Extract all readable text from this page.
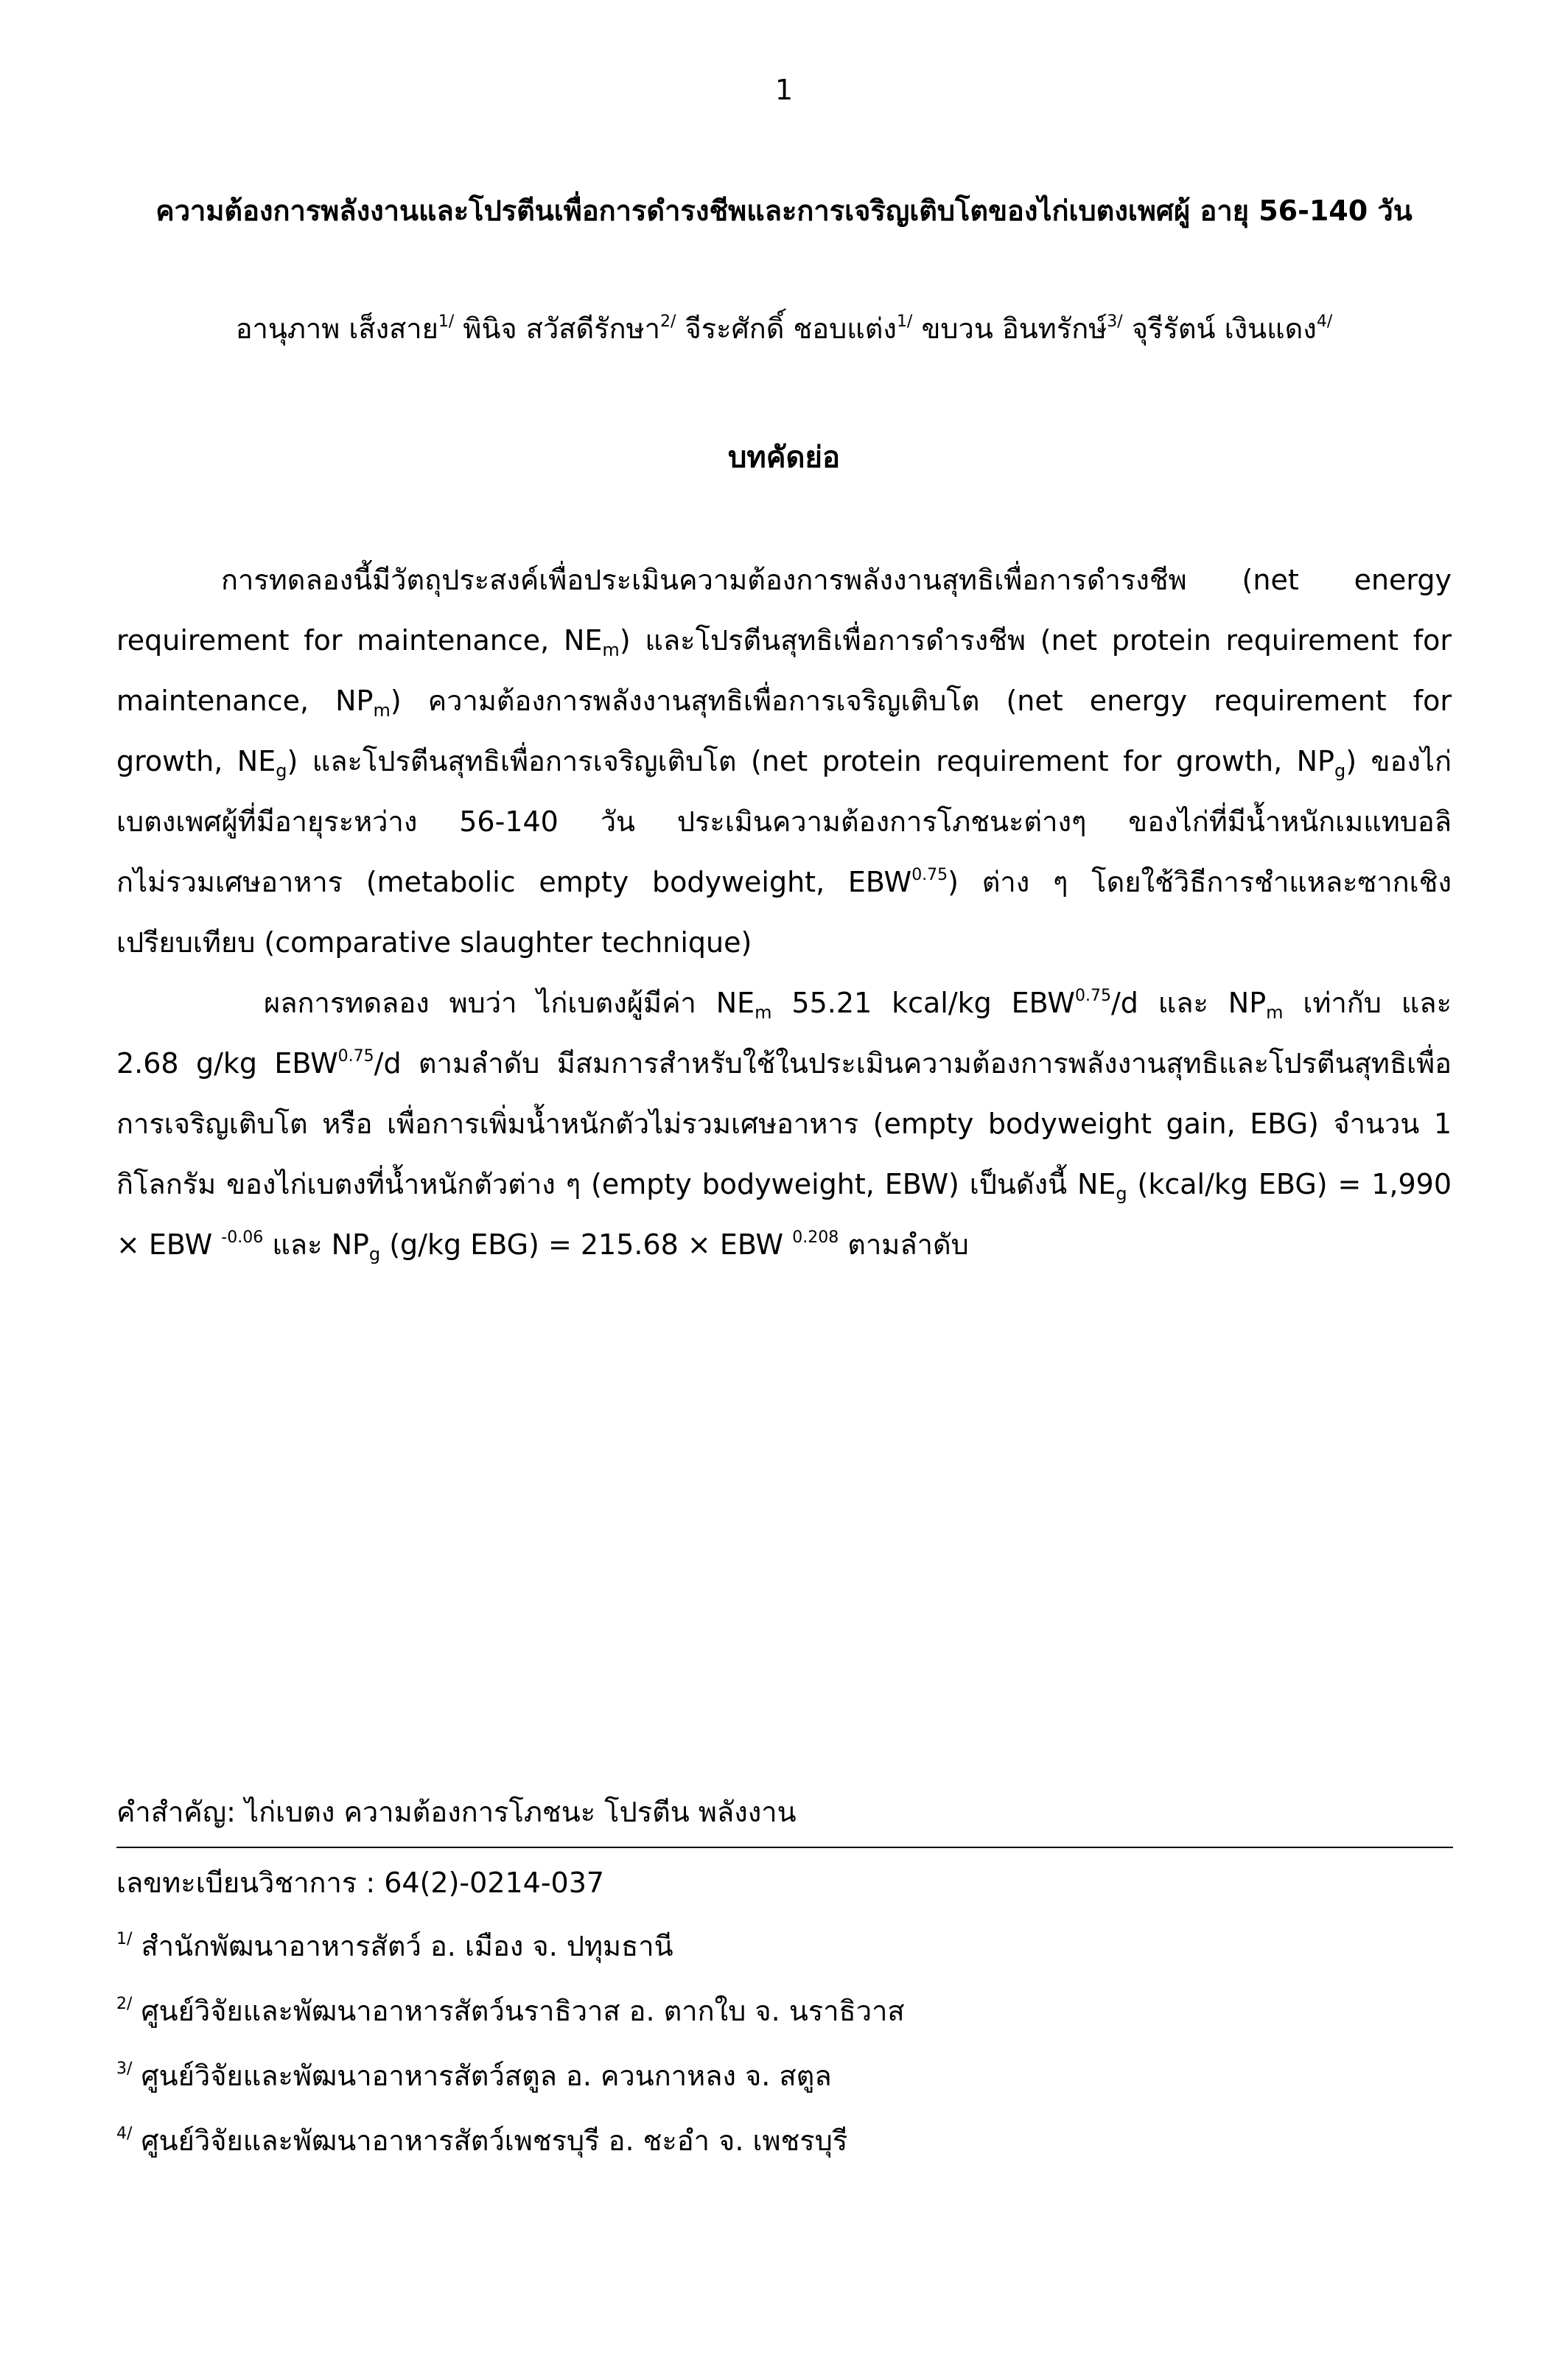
1
ความต้องการพลังงานและโปรตีนเพื่อการดำรงชีพและการเจริญเติบโตของไก่เบตงเพศผู้ อายุ 56-140 วัน
อานุภาพ เส็งสาย$^{1/}$ พินิจ สวัสดีรักษา$^{2/}$ จีระศักดิ์ ชอบแต่ง$^{1/}$ ขบวน อินทรักษ์$^{3/}$ จุรีรัตน์ เงินแดง$^{4/}$
บทคัดย่อ
การทดลองนี้มีวัตถุประสงค์เพื่อประเมินความต้องการพลังงานสุทธิเพื่อการดำรงชีพ (net energy
requirement for maintenance, $NE_m$) และโปรตีนสุทธิเพื่อการดำรงชีพ (net protein requirement for
maintenance, $NP_m$) ความต้องการพลังงานสุทธิเพื่อการเจริญเติบโต (net energy requirement for
growth, $NE_g$) และโปรตีนสุทธิเพื่อการเจริญเติบโต (net protein requirement for growth, $NP_g$) ของไก่
เบตงเพศผู้ที่มีอายุระหว่าง 56-140 วัน ประเมินความต้องการโภชนะต่างๆ ของไก่ที่มีน้ำหนักเมแทบอลิ
กไม่รวมเศษอาหาร (metabolic empty bodyweight, $EBW^{0.75}$) ต่าง ๆ โดยใช้วิธีการชำแหละซากเชิง
เปรียบเทียบ (comparative slaughter technique)
ผลการทดลอง พบว่า ไก่เบตงผู้มีค่า $NE_m$ 55.21 kcal/kg $EBW^{0.75}/d$ และ $NP_m$ เท่ากับ และ
2.68 g/kg $EBW^{0.75}/d$ ตามลำดับ มีสมการสำหรับใช้ในประเมินความต้องการพลังงานสุทธิและโปรตีนสุทธิเพื่อ
การเจริญเติบโต หรือ เพื่อการเพิ่มน้ำหนักตัวไม่รวมเศษอาหาร (empty bodyweight gain, EBG) จำนวน 1
กิโลกรัม ของไก่เบตงที่น้ำหนักตัวต่าง ๆ (empty bodyweight, EBW) เป็นดังนี้ $NE_g$ (kcal/kg EBG) = 1,990
× EBW $^{-0.06}$ และ $NP_g$ (g/kg EBG) = 215.68 × EBW $^{0.208}$ ตามลำดับ
คำสำคัญ: ไก่เบตง ความต้องการโภชนะ โปรตีน พลังงาน
เลขทะเบียนวิชาการ : 64(2)-0214-037
$^{1/}$ สำนักพัฒนาอาหารสัตว์ อ. เมือง จ. ปทุมธานี
$^{2/}$ ศูนย์วิจัยและพัฒนาอาหารสัตว์นราธิวาส อ. ตากใบ จ. นราธิวาส
$^{3/}$ ศูนย์วิจัยและพัฒนาอาหารสัตว์สตูล อ. ควนกาหลง จ. สตูล
$^{4/}$ ศูนย์วิจัยและพัฒนาอาหารสัตว์เพชรบุรี อ. ชะอำ จ. เพชรบุรี
